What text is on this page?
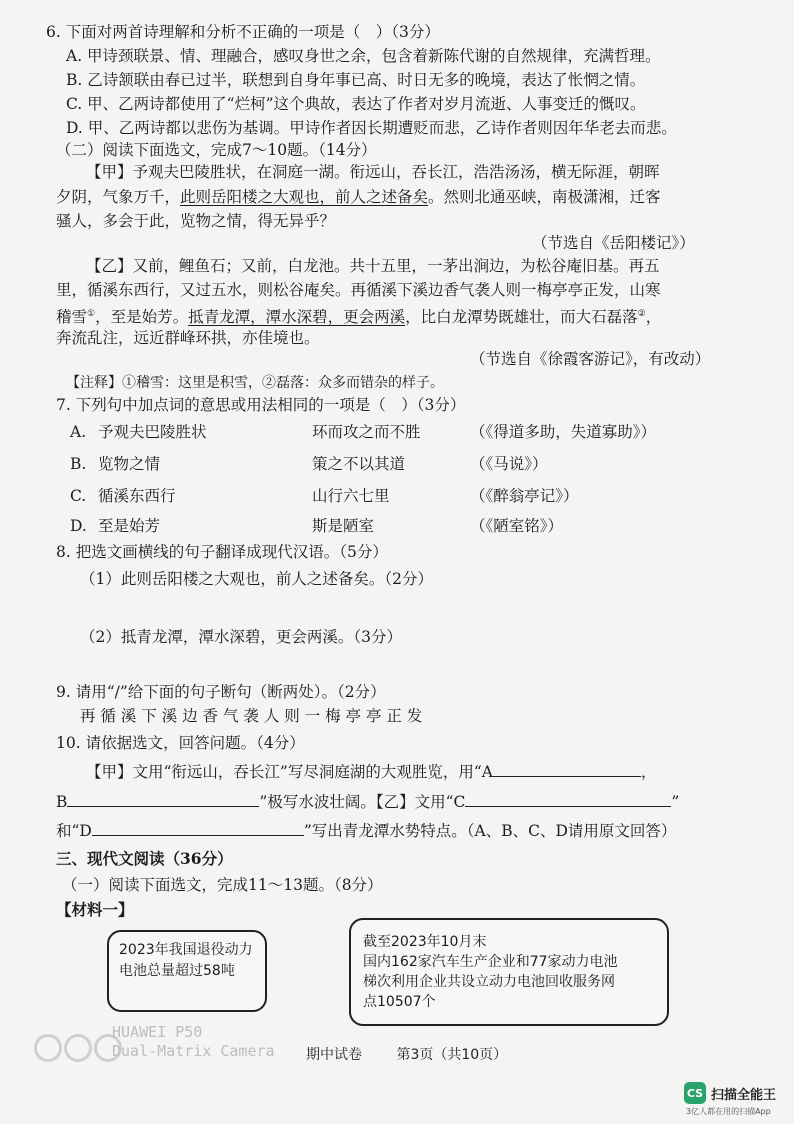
6. 下面对两首诗理解和分析不正确的一项是（　）（3分）
A. 甲诗颈联景、情、理融合，感叹身世之余，包含着新陈代谢的自然规律，充满哲理。
B. 乙诗颔联由春已过半，联想到自身年事已高、时日无多的晚境，表达了怅惘之情。
C. 甲、乙两诗都使用了“烂柯”这个典故，表达了作者对岁月流逝、人事变迁的慨叹。
D. 甲、乙两诗都以悲伤为基调。甲诗作者因长期遭贬而悲，乙诗作者则因年华老去而悲。
（二）阅读下面选文，完成7～10题。（14分）
【甲】予观夫巴陵胜状，在洞庭一湖。衔远山，吞长江，浩浩汤汤，横无际涯，朝晖
夕阴，气象万千，此则岳阳楼之大观也，前人之述备矣。然则北通巫峡，南极潇湘，迁客
骚人，多会于此，览物之情，得无异乎？
（节选自《岳阳楼记》）
【乙】又前，鲤鱼石；又前，白龙池。共十五里，一茅出涧边，为松谷庵旧基。再五
里，循溪东西行，又过五水，则松谷庵矣。再循溪下溪边香气袭人则一梅亭亭正发，山寒
稽雪①，至是始芳。抵青龙潭，潭水深碧，更会两溪，比白龙潭势既雄壮，而大石磊落②，
奔流乱注，远近群峰环拱，亦佳境也。
（节选自《徐霞客游记》，有改动）
【注释】①稽雪：这里是积雪，②磊落：众多而错杂的样子。
7. 下列句中加点词的意思或用法相同的一项是（　）（3分）
A. 予观夫巴陵胜状	环而攻之而不胜	（《得道多助，失道寡助》）
B. 览物之情	策之不以其道	（《马说》）
C. 循溪东西行	山行六七里	（《醉翁亭记》）
D. 至是始芳	斯是陋室	（《陋室铭》）
8. 把选文画横线的句子翻译成现代汉语。（5分）
（1）此则岳阳楼之大观也，前人之述备矣。（2分）
（2）抵青龙潭，潭水深碧，更会两溪。（3分）
9. 请用“/”给下面的句子断句（断两处）。（2分）
再 循 溪 下 溪 边 香 气 袭 人 则 一 梅 亭 亭 正 发
10. 请依据选文，回答问题。（4分）
【甲】文用“衔远山，吞长江”写尽洞庭湖的大观胜览，用“A	，
B	”极写水波壮阔。【乙】文用“C	”
和“D	”写出青龙潭水势特点。（A、B、C、D请用原文回答）
三、现代文阅读（36分）
（一）阅读下面选文，完成11～13题。（8分）
【材料一】
2023年我国退役动力电池总量超过58吨
截至2023年10月末
国内162家汽车生产企业和77家动力电池
梯次利用企业共设立动力电池回收服务网
点10507个
HUAWEI P50
Dual-Matrix Camera	期中试卷 第3页（共10页）
CS 扫描全能王
3亿人都在用的扫描App
